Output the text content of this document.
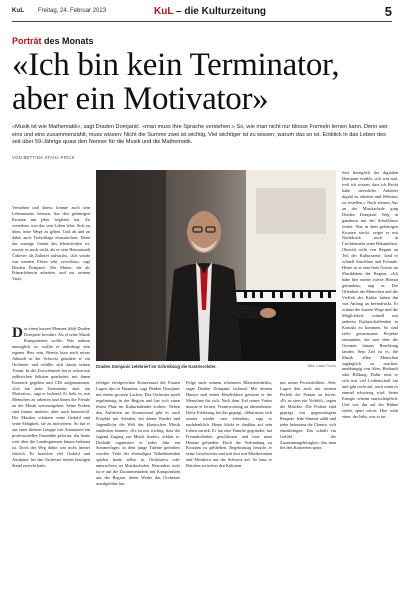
KuL Freitag, 24. Februar 2023	KuL – die Kulturzeitung	5
Porträt des Monats
«Ich bin kein Terminator, aber ein Motivator»

«Musik ist wie Mathematik», sagt Draden Domjanić. «man muss ihre Sprache verstehen.» So, wie man nicht nur blosse Formeln lernen kann. Denn wer eins und eins zusammenzählt, muss wissen: Nicht die Summe zwei ist wichtig. Viel wichtiger ist zu wissen, warum das so ist. Einblick in das Leben des seit über 59-Jährige quasi den Nenner für die Musik und die Mathematik.

VON BETTINA STAHL-FRICK

Verstehen und üben» könnte auch sein Lebensmotto heissen, das den gebürtigen Kroaten mit jeher begleitet hat. Zu verstehen, was das sein Leben lehrt. Sich zu üben, neue Wege zu gehen. Und ab und an dabei auch Tiefschläge einzustecken. Denn das sonnige Gemüt des lebensfrohen ist, wusste es noch nicht, als er sein Heimatstadt Čakovec als Zuhörer aufwuchs, «Ich wurde von meinen Eltern sehr verwöhnt», sagt Dradon Domjanić. Die Mutter, die als Primarlehrerin arbeitete, und vor seinem Vater,

D as einen kurzen Moment fühlt Draden Domjanić bewährt. Als el seine Musik Komponieren wollte. Was nahezu unmöglich ist, wollte er unbedingt sein eigener Herr sein. Bereits kurz nach seiner Ankunft in der Schweiz gründete er ein Orchester und erfüllte sich damit seinen Traum. In der Zwischenzeit hat er schon mit zahlreichen Solisten gearbeitet, mit ihnen Konzerte gegeben und CDs aufgenommen. «Ich bin kein Terminator, aber ein Motivator», sagt er lachend. Er liebt es, mit Menschen zu arbeiten und ihnen die Freude an der Musik weiterzugeben. Seine Proben sind immer intensiv, aber auch humorvoll. Die Musiker schätzen seine Geduld und seine Fähigkeit, sie zu motivieren. So hat er aus einer kleinen Gruppe von Amateuren ein professionelles Ensemble geformt, das heute weit über die Landesgrenzen hinaus bekannt ist. Doch der Weg dahin war nicht immer einfach. Es brauchte viel Geduld und Ausdauer, bis das Orchester seinen heutigen Stand erreicht hatte.
Draden Domjanić zelebriert im Schreibzug die Kastrierolster.	Bild: Lukas Fuchs

erfolgte erfolgreichen Konzertund die Frauen Lagen den in Finanzen, sagt Draden Domjanić mit einem grossen Lachen. Das Orchester spielt regelmässig in der Region und hat sich einen festen Platz im Kulturkalender erobert. Neben den Auftritten im Konzertsaal gibt es auch Projekte mit Schulen, bei denen Kinder und Jugendliche die Welt der klassischen Musik entdecken können. «Es ist mir wichtig, dass die Jugend Zugang zur Musik findet», erklärt er. Deshalb organisiert er jedes Jahr ein Sommerlager, in dem junge Talente gefördert werden. Viele der ehemaligen Teilnehmenden spielen heute selbst in Orchestern oder unterrichten an Musikschulen. Besonders stolz ist er auf die Zusammenarbeit mit Komponisten aus der Region, deren Werke das Orchester uraufgeführt hat.

Folge nach seinem schönsten Bläsermeldetlos, sagte Draden Domjanić lachend. Mit seinem Humor und seiner Herzlichkeit gewinnt er die Menschen für sich. Nach dem Tod seines Vaters musste er lernen, Verantwortung zu übernehmen. Diese Erfahrung hat ihn geprägt. «Man muss sich immer wieder neu erfinden», sagt er nachdenklich. Heute blickt er dankbar auf sein Leben zurück. Er hat eine Familie gegründet, hat Freundschaften geschlossen und eine neue Heimat gefunden. Doch die Verbindung zu Kroatien ist geblieben. Regelmässig besucht er seine Geschwister und tritt dort mit Musikerinnen und Musikern aus der Schweiz auf. So baut er Brücken zwischen den Kulturen.

mit seiner Persönlichkeit. Aber Lagen den auch mit seinem Perfekt die Frauen zu hören. «Er ist stets ein Vorbild», sagen die Musiker. Die Proben sind geprägt von gegenseitigem Respekt. Jede Stimme zählt und jeder bekommt die Chance, sich einzubringen. Das schafft ein Gefühl der Zusammengehörigkeit, das man bei den Konzerten spürt.

fiert beziiglich der digitalen Domjanić erzählt, «ich was mal, weil ich wissen, dass ich Recht habe, stressliche Anbieter digital zu arbeiten und Websites zu erstellen.» Nach seinem Aus an der Musikschule ging Draden Domjanić Weg in ganzhorn mit der Schulklasse weiter. Was in dem gebürtigen Kroaten steckt, zeigte er mit Nachdruck noch in Liechtenstein seine Bekanntheit. Obwohl nicht von Beginn an Teil der Kulturszene, fand er schnell Anschluss und Freunde. Heute ist er eine feste Grösse im Musikleben der Region. «Ich habe hier meine zweite Heimat gefunden», sagt er. Die Offenheit der Menschen und die Vielfalt der Kultur haben ihn von Anfang an beeindruckt. Er schätzt die kurzen Wege und die Möglichkeit, schnell mit anderen Kulturschaffenden in Kontakt zu kommen. So sind viele gemeinsame Projekte entstanden, die weit über die Grenzen hinaus Beachtung fanden. Sein Ziel ist es, die Musik allen Menschen zugänglich zu machen, unabhängig von Alter, Herkunft oder Bildung. Dafür setzt er sich mit viel Leidenschaft ein und gibt nicht auf, auch wenn es einmal schwierig wird. Seine Energie scheint unerschöpflich. Und wer ihn auf der Bühne erlebt, spürt sofort: Hier steht einer, der liebt, was er tut.
